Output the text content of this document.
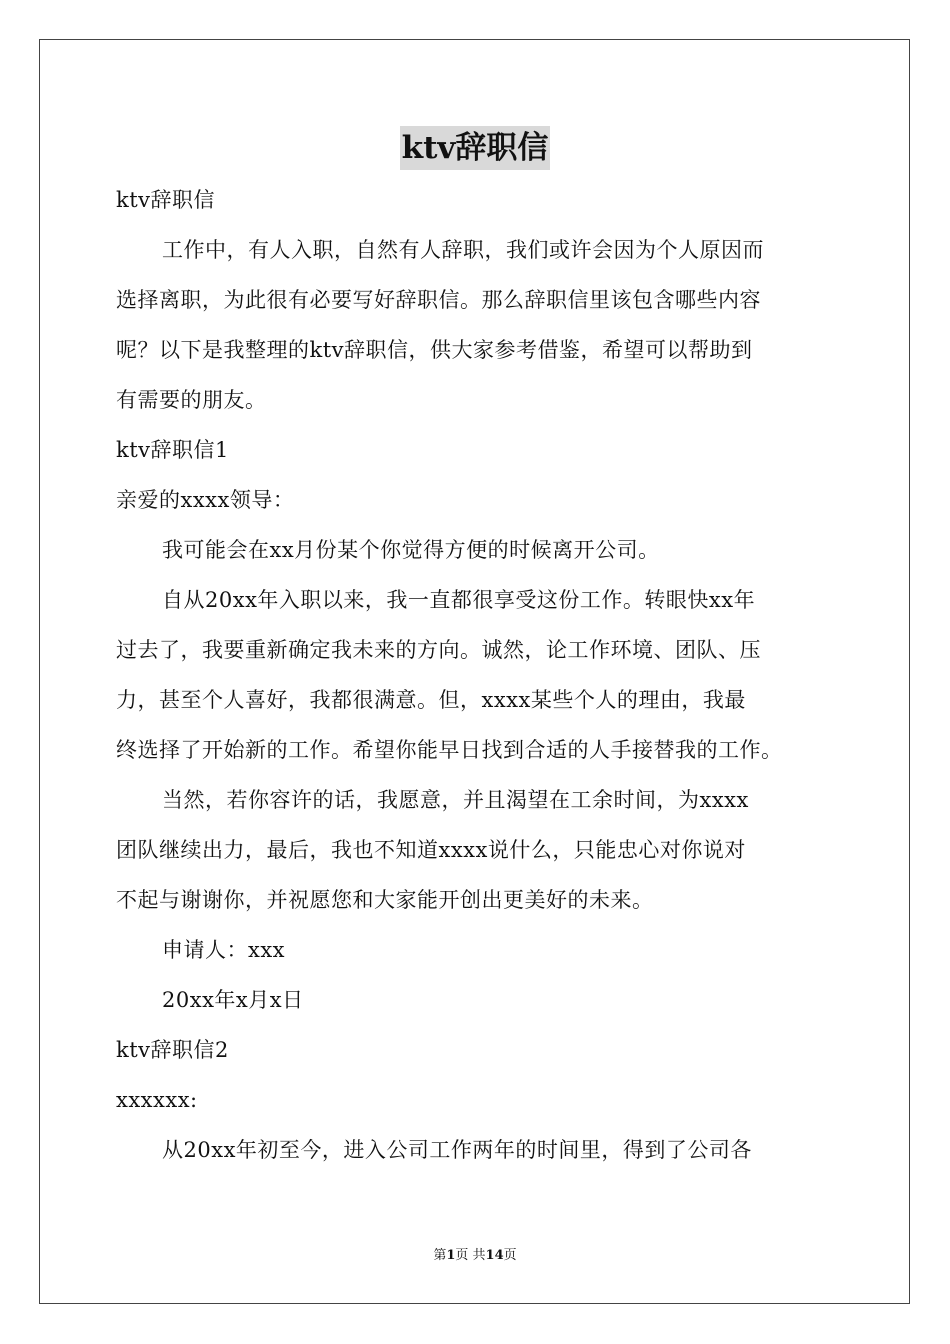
ktv辞职信
ktv辞职信
工作中，有人入职，自然有人辞职，我们或许会因为个人原因而
选择离职，为此很有必要写好辞职信。那么辞职信里该包含哪些内容
呢？以下是我整理的ktv辞职信，供大家参考借鉴，希望可以帮助到
有需要的朋友。
ktv辞职信1
亲爱的xxxx领导：
我可能会在xx月份某个你觉得方便的时候离开公司。
自从20xx年入职以来，我一直都很享受这份工作。转眼快xx年
过去了，我要重新确定我未来的方向。诚然，论工作环境、团队、压
力，甚至个人喜好，我都很满意。但，xxxx某些个人的理由，我最
终选择了开始新的工作。希望你能早日找到合适的人手接替我的工作。
当然，若你容许的话，我愿意，并且渴望在工余时间，为xxxx
团队继续出力，最后，我也不知道xxxx说什么，只能忠心对你说对
不起与谢谢你，并祝愿您和大家能开创出更美好的未来。
申请人：xxx
20xx年x月x日
ktv辞职信2
xxxxxx:
从20xx年初至今，进入公司工作两年的时间里，得到了公司各
第1页 共14页
